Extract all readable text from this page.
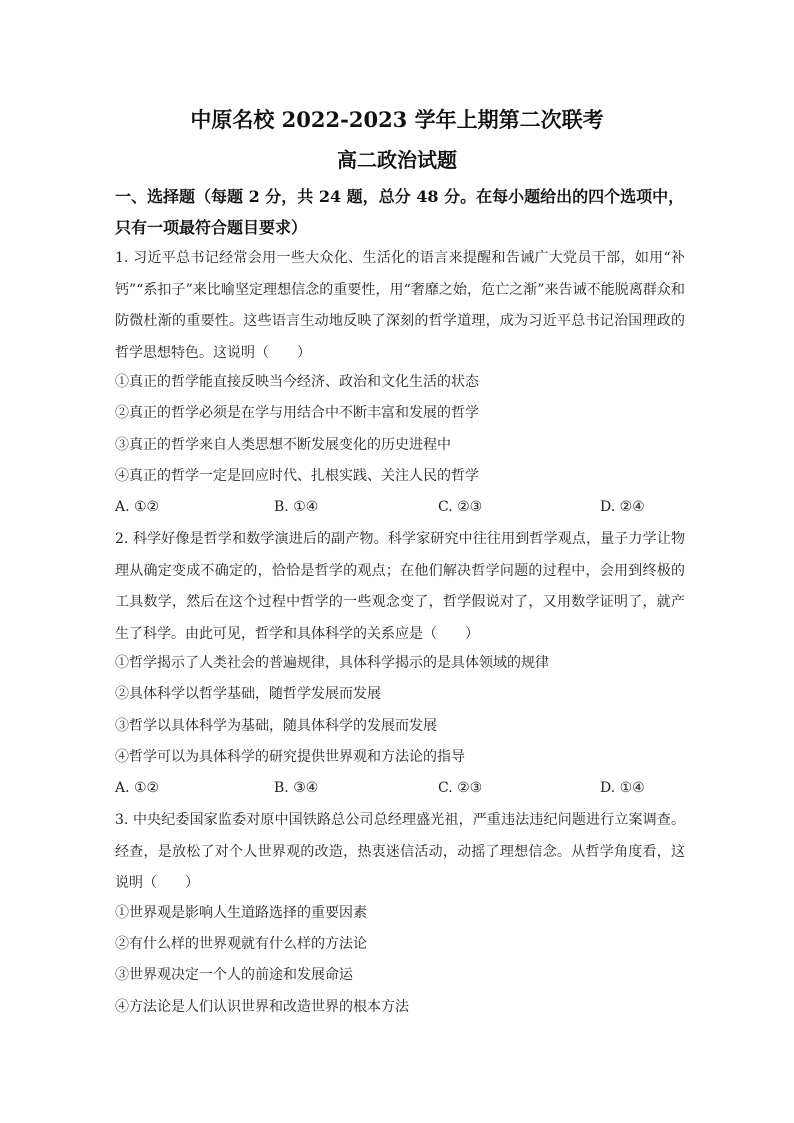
中原名校 2022-2023 学年上期第二次联考
高二政治试题
一、选择题（每题 2 分，共 24 题，总分 48 分。在每小题给出的四个选项中，只有一项最符合题目要求）
1. 习近平总书记经常会用一些大众化、生活化的语言来提醒和告诫广大党员干部，如用“补钙”“系扣子”来比喻坚定理想信念的重要性，用“奢靡之始，危亡之渐”来告诫不能脱离群众和防微杜渐的重要性。这些语言生动地反映了深刻的哲学道理，成为习近平总书记治国理政的哲学思想特色。这说明（　　）
①真正的哲学能直接反映当今经济、政治和文化生活的状态
②真正的哲学必须是在学与用结合中不断丰富和发展的哲学
③真正的哲学来自人类思想不断发展变化的历史进程中
④真正的哲学一定是回应时代、扎根实践、关注人民的哲学
A. ①②	B. ①④	C. ②③	D. ②④
2. 科学好像是哲学和数学演进后的副产物。科学家研究中往往用到哲学观点，量子力学让物理从确定变成不确定的，恰恰是哲学的观点；在他们解决哲学问题的过程中，会用到终极的工具数学，然后在这个过程中哲学的一些观念变了，哲学假说对了，又用数学证明了，就产生了科学。由此可见，哲学和具体科学的关系应是（　　）
①哲学揭示了人类社会的普遍规律，具体科学揭示的是具体领域的规律
②具体科学以哲学基础，随哲学发展而发展
③哲学以具体科学为基础，随具体科学的发展而发展
④哲学可以为具体科学的研究提供世界观和方法论的指导
A. ①②	B. ③④	C. ②③	D. ①④
3. 中央纪委国家监委对原中国铁路总公司总经理盛光祖，严重违法违纪问题进行立案调查。经查，是放松了对个人世界观的改造，热衷迷信活动，动摇了理想信念。从哲学角度看，这说明（　　）
①世界观是影响人生道路选择的重要因素
②有什么样的世界观就有什么样的方法论
③世界观决定一个人的前途和发展命运
④方法论是人们认识世界和改造世界的根本方法
